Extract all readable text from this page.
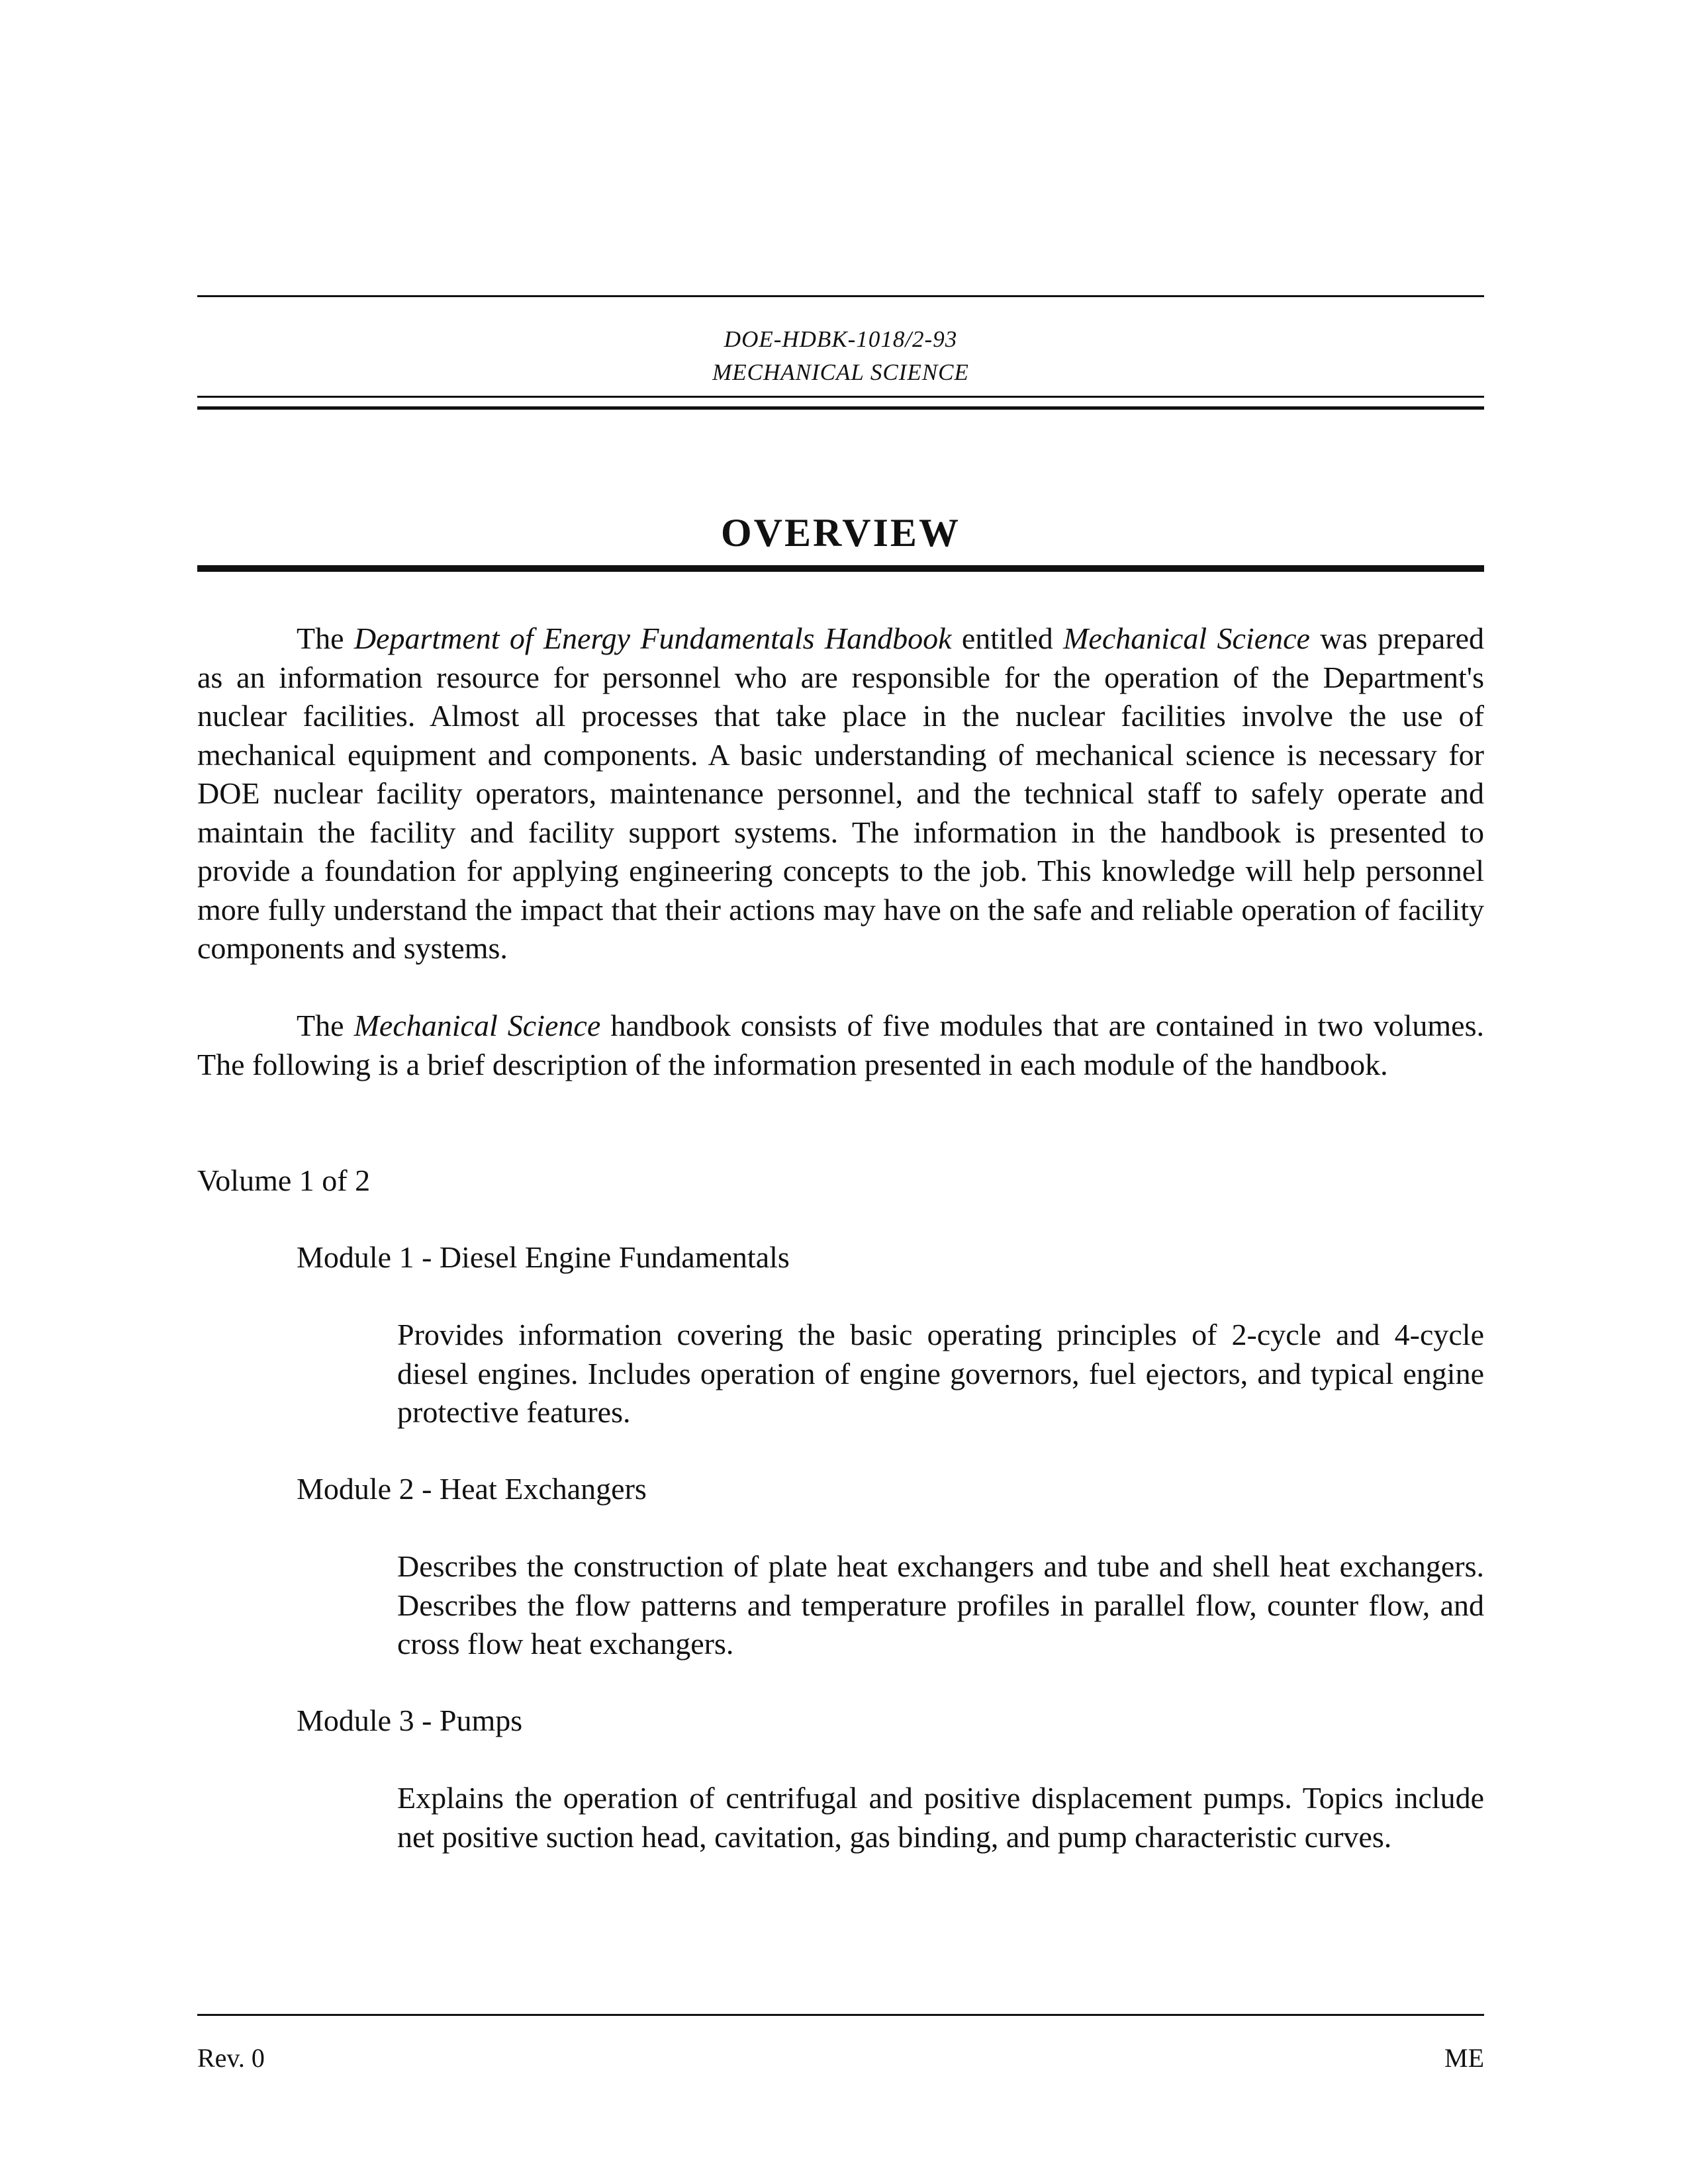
DOE-HDBK-1018/2-93
MECHANICAL SCIENCE
OVERVIEW
The Department of Energy Fundamentals Handbook entitled Mechanical Science was prepared as an information resource for personnel who are responsible for the operation of the Department's nuclear facilities. Almost all processes that take place in the nuclear facilities involve the use of mechanical equipment and components. A basic understanding of mechanical science is necessary for DOE nuclear facility operators, maintenance personnel, and the technical staff to safely operate and maintain the facility and facility support systems. The information in the handbook is presented to provide a foundation for applying engineering concepts to the job. This knowledge will help personnel more fully understand the impact that their actions may have on the safe and reliable operation of facility components and systems.
The Mechanical Science handbook consists of five modules that are contained in two volumes. The following is a brief description of the information presented in each module of the handbook.
Volume 1 of 2
Module 1 - Diesel Engine Fundamentals
Provides information covering the basic operating principles of 2-cycle and 4-cycle diesel engines. Includes operation of engine governors, fuel ejectors, and typical engine protective features.
Module 2 - Heat Exchangers
Describes the construction of plate heat exchangers and tube and shell heat exchangers. Describes the flow patterns and temperature profiles in parallel flow, counter flow, and cross flow heat exchangers.
Module 3 - Pumps
Explains the operation of centrifugal and positive displacement pumps. Topics include net positive suction head, cavitation, gas binding, and pump characteristic curves.
Rev. 0	ME
